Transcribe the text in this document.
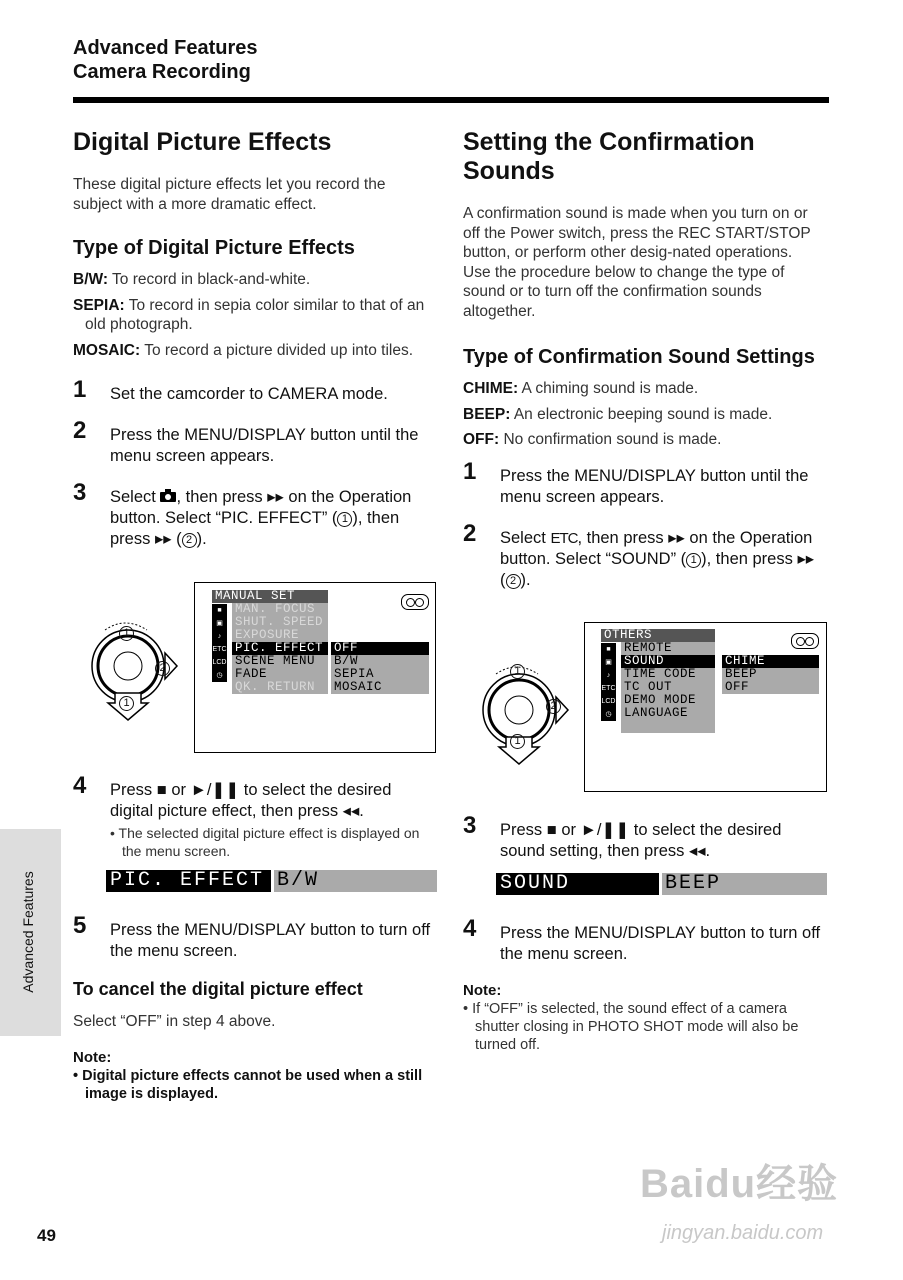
Advanced Features
Camera Recording
Digital Picture Effects

These digital picture effects let you record the subject with a more dramatic effect.

Type of Digital Picture Effects
B/W: To record in black-and-white.
SEPIA: To record in sepia color similar to that of an old photograph.
MOSAIC: To record a picture divided up into tiles.
1 Set the camcorder to CAMERA mode.
2 Press the MENU/DISPLAY button until the menu screen appears.
3 Select , then press ▸▸ on the Operation button. Select “PIC. EFFECT” ( 1 ), then press ▸▸ ( 2 ).
1
2
1
■
▣
♪
ETC
LCD
◷
MANUAL SET
MAN. FOCUS
SHUT. SPEED
EXPOSURE
PIC. EFFECT
SCENE MENU
FADE
QK. RETURN
OFF
B/W
SEPIA
MOSAIC
4 Press ■ or ►/❚❚ to select the desired digital picture effect, then press ◂◂.
• The selected digital picture effect is displayed on the menu screen.
PIC. EFFECT B/W
5 Press the MENU/DISPLAY button to turn off the menu screen.
To cancel the digital picture effect

Select “OFF” in step 4 above.

Note:
• Digital picture effects cannot be used when a still image is displayed.
Setting the Confirmation Sounds

A confirmation sound is made when you turn on or off the Power switch, press the REC START/STOP button, or perform other desig-nated operations. Use the procedure below to change the type of sound or to turn off the confirmation sounds altogether.

Type of Confirmation Sound Settings
CHIME: A chiming sound is made.
BEEP: An electronic beeping sound is made.
OFF: No confirmation sound is made.
1 Press the MENU/DISPLAY button until the menu screen appears.
2 Select ETC, then press ▸▸ on the Operation button. Select “SOUND” ( 1 ), then press ▸▸ ( 2 ).
1
2
1
■
▣
♪
ETC
LCD
◷
OTHERS
REMOTE
SOUND
TIME CODE
TC OUT
DEMO MODE
LANGUAGE
CHIME
BEEP
OFF
3 Press ■ or ►/❚❚ to select the desired sound setting, then press ◂◂.
SOUND	BEEP
4 Press the MENU/DISPLAY button to turn off the menu screen.
Note:
• If “OFF” is selected, the sound effect of a camera shutter closing in PHOTO SHOT mode will also be turned off.
Advanced Features
49
Baidu经验
jingyan.baidu.com
